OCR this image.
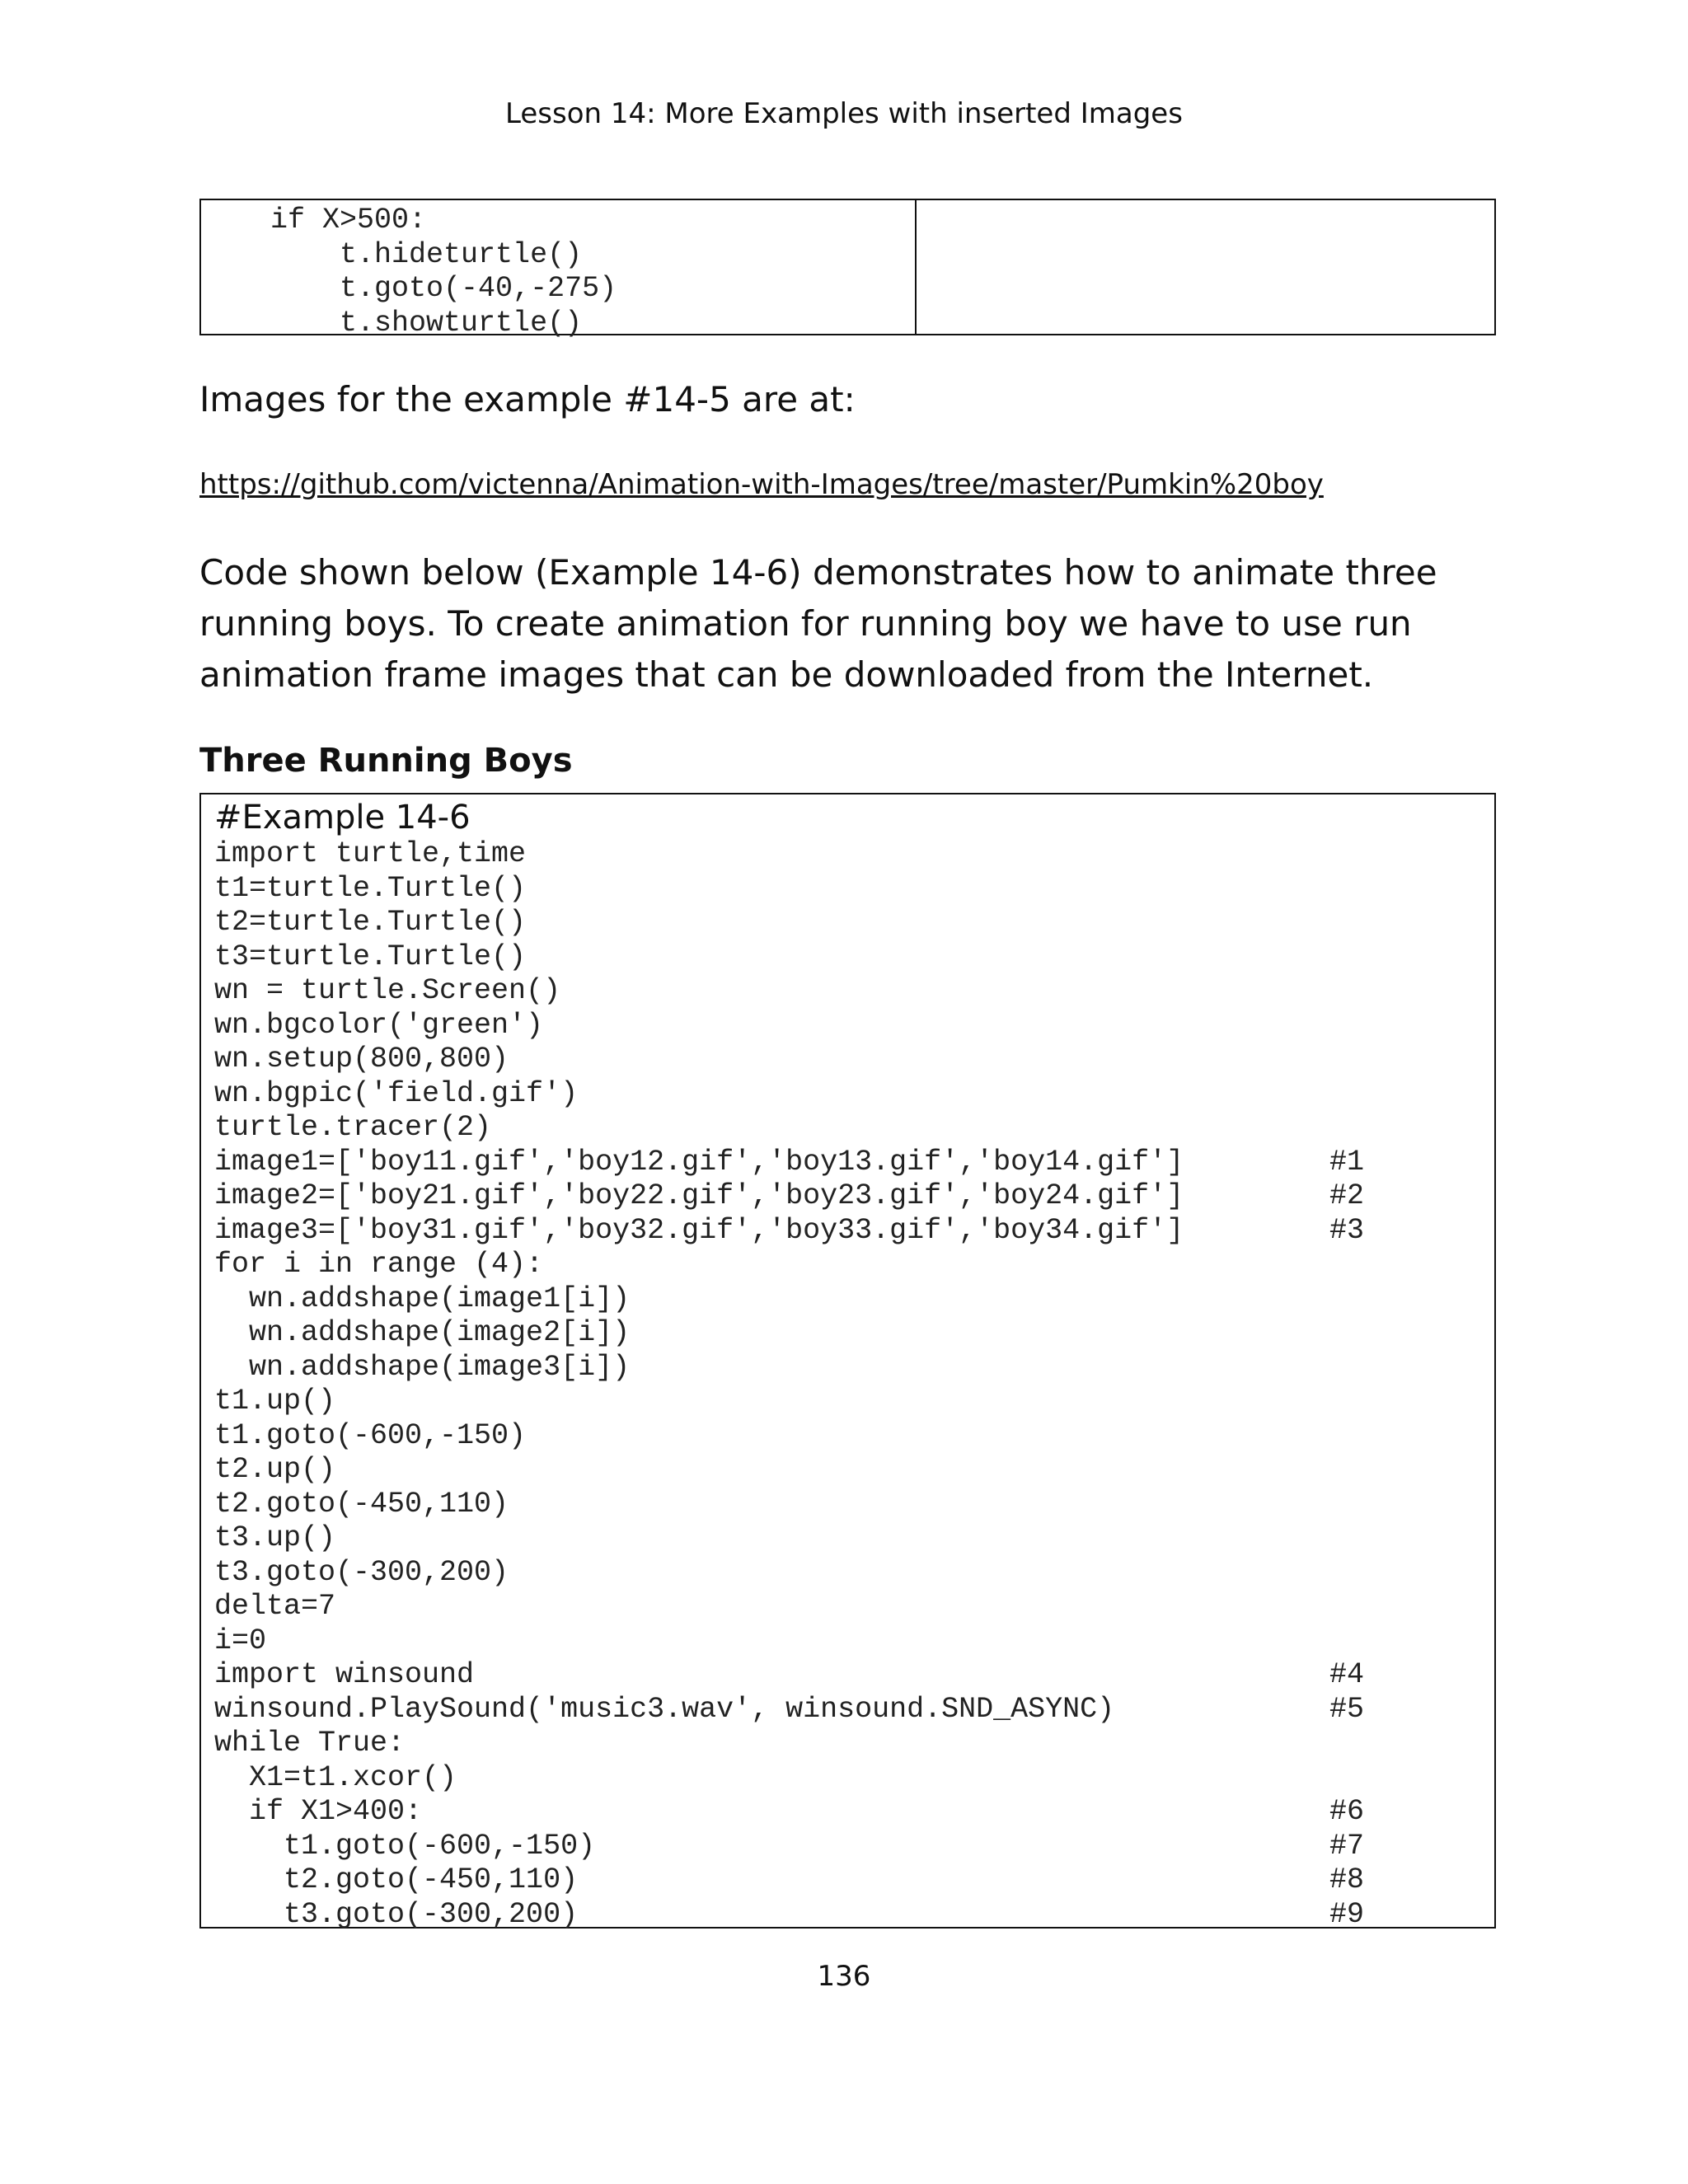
Lesson 14: More Examples with inserted Images
if X>500:
t.hideturtle()
t.goto(-40,-275)
t.showturtle()
Images for the example #14-5 are at:
https://github.com/victenna/Animation-with-Images/tree/master/Pumkin%20boy
Code shown below (Example 14-6) demonstrates how to animate three running boys. To create animation for running boy we have to use run animation frame images that can be downloaded from the Internet.
Three Running Boys
#Example 14-6
import turtle,time
t1=turtle.Turtle()
t2=turtle.Turtle()
t3=turtle.Turtle()
wn = turtle.Screen()
wn.bgcolor('green')
wn.setup(800,800)
wn.bgpic('field.gif')
turtle.tracer(2)
image1=['boy11.gif','boy12.gif','boy13.gif','boy14.gif']	#1
image2=['boy21.gif','boy22.gif','boy23.gif','boy24.gif']	#2
image3=['boy31.gif','boy32.gif','boy33.gif','boy34.gif']	#3
for i in range (4):
wn.addshape(image1[i])
wn.addshape(image2[i])
wn.addshape(image3[i])
t1.up()
t1.goto(-600,-150)
t2.up()
t2.goto(-450,110)
t3.up()
t3.goto(-300,200)
delta=7
i=0
import winsound	#4
winsound.PlaySound('music3.wav', winsound.SND_ASYNC)	#5
while True:
X1=t1.xcor()
if X1>400:	#6
t1.goto(-600,-150)	#7
t2.goto(-450,110)	#8
t3.goto(-300,200)	#9
136
